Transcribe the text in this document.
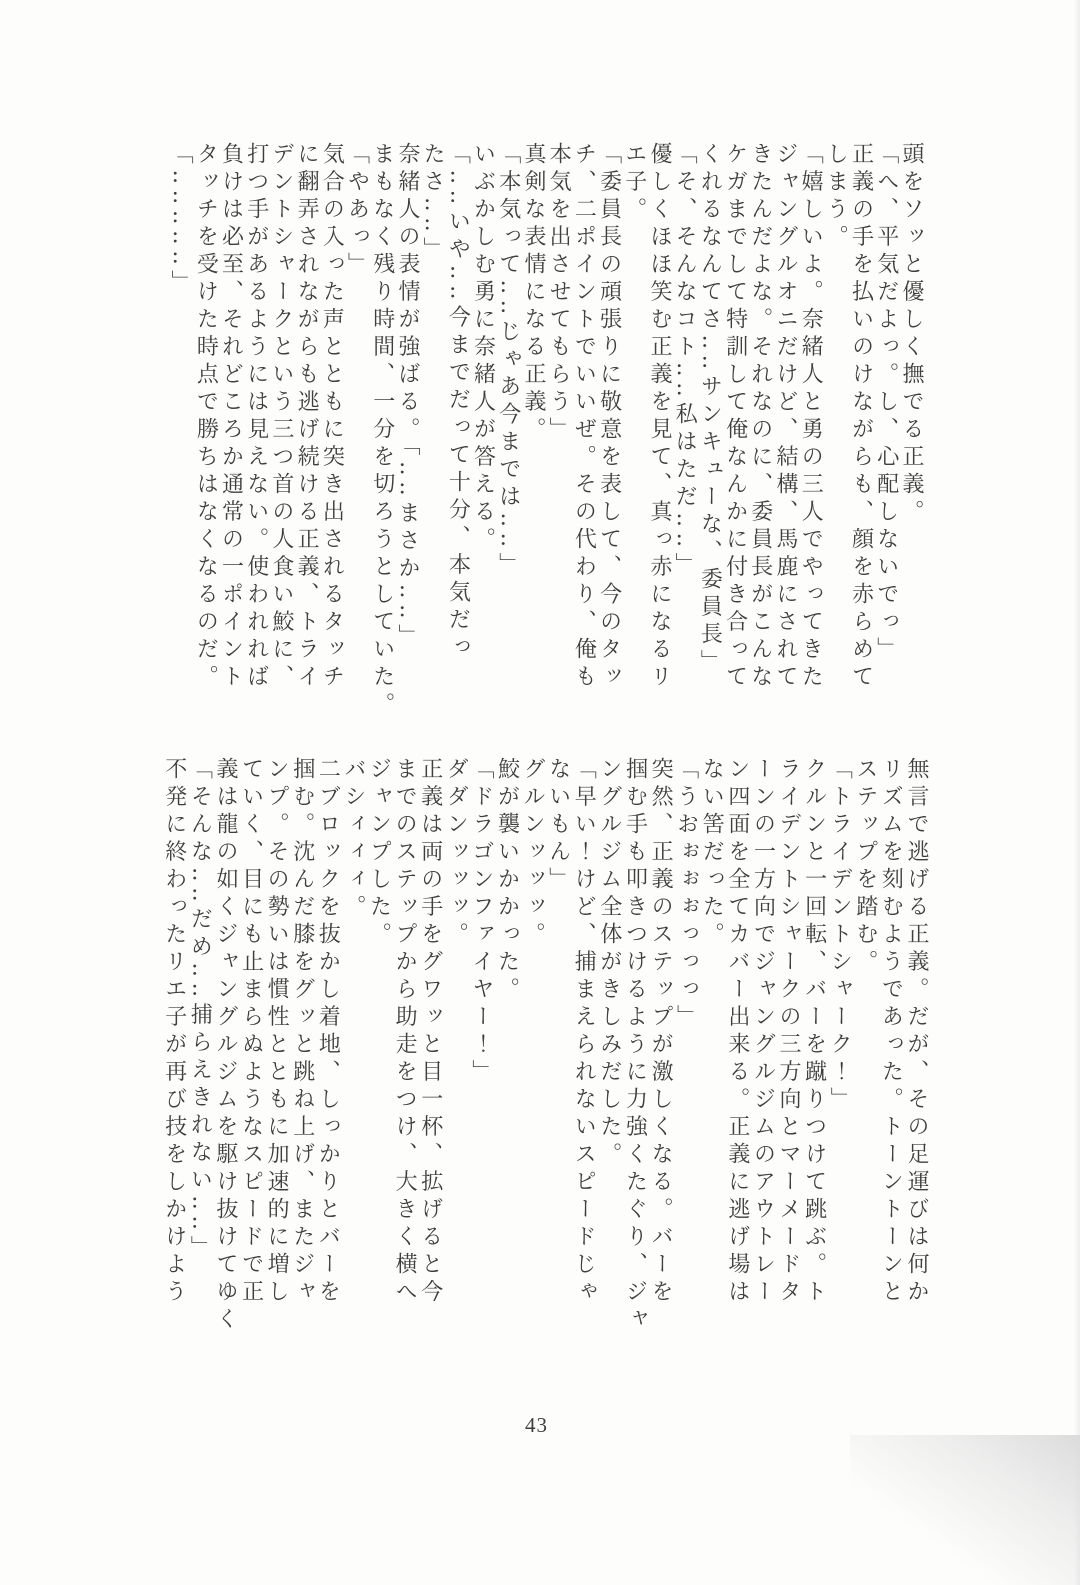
頭をソッと優しく撫でる正義。

「へ、平気だよっ。し、心配しないでっ」

正義の手を払いのけながらも、顔を赤らめて

しまう。

「嬉しいよ。奈緒人と勇の三人でやってきた

ジャングルオニだけど、結構、馬鹿にされて

きたんだよな。それなのに、委員長がこんな

ケガまでして特訓して俺なんかに付き合って

くれるなんてさ‥‥サンキューな、委員長」

「そ、そんなコト‥‥私はただ‥‥」

優しくほほ笑む正義を見て、真っ赤になるリ

エ子。

「委員長の頑張りに敬意を表して、今のタッ

チ、二ポイントでいいぜ。その代わり、俺も

本気を出させてもらう」

真剣な表情になる正義。

「本気って‥‥じゃあ今までは‥‥」

いぶかしむ勇に奈緒人が答える。

「‥‥いや‥‥今までだって十分、本気だっ

たさ‥‥」

奈緒人の表情が強ばる。「‥‥まさか‥‥」

まもなく残り時間、一分を切ろうとしていた。

「やあっ」

気合の入った声とともに突き出されるタッチ

に翻弄されながらも逃げ続ける正義、トライ

デントシャークという三つ首の人食い鮫に、

打つ手があるようには見えない。使われれば

負けは必至、それどころか通常の一ポイント

タッチを受けた時点で勝ちはなくなるのだ。

「‥‥‥‥‥」

無言で逃げる正義。だが、その足運びは何か

リズムを刻むようであった。トーントーンと

ステップを踏む。

「トライデントシャーク！」

クルンと一回転、バーを蹴りつけて跳ぶ。ト

ライデントシャークの三方向とマーメードタ

ーンの一方向でジャングルジムのアウトレー

ン四面を全てカバー出来る。正義に逃げ場は

ない筈だった。

「うおぉぉぉっっっ」

突然、正義のステップが激しくなる。バーを

掴む手も叩きつけるように力強くたぐり、ジャ

ングルジム全体がきしみだした。

「早い！けど、捕まえられないスピードじゃ

ないもん」

グルンッッッ。

鮫が襲いかかった。

「ドラゴンファイヤー！」

ダダンッッッ。

正義は両の手をグワッと目一杯、拡げると今

までのステップから助走をつけ、大きく横へ

ジャンプした。

バシィィィ。

二ブロックを抜かし着地、しっかりとバーを

掴む。沈んだ膝をグッと跳ね上げ、またジャ

ンプ。その勢いは慣性とともに加速的に増し

ていく、目にも止まらぬようなスピードで正

義は龍の如くジャングルジムを駆け抜けてゆく

「そんな‥‥だめ‥‥捕らえきれない‥‥」

不発に終わったリエ子が再び技をしかけよう

43
